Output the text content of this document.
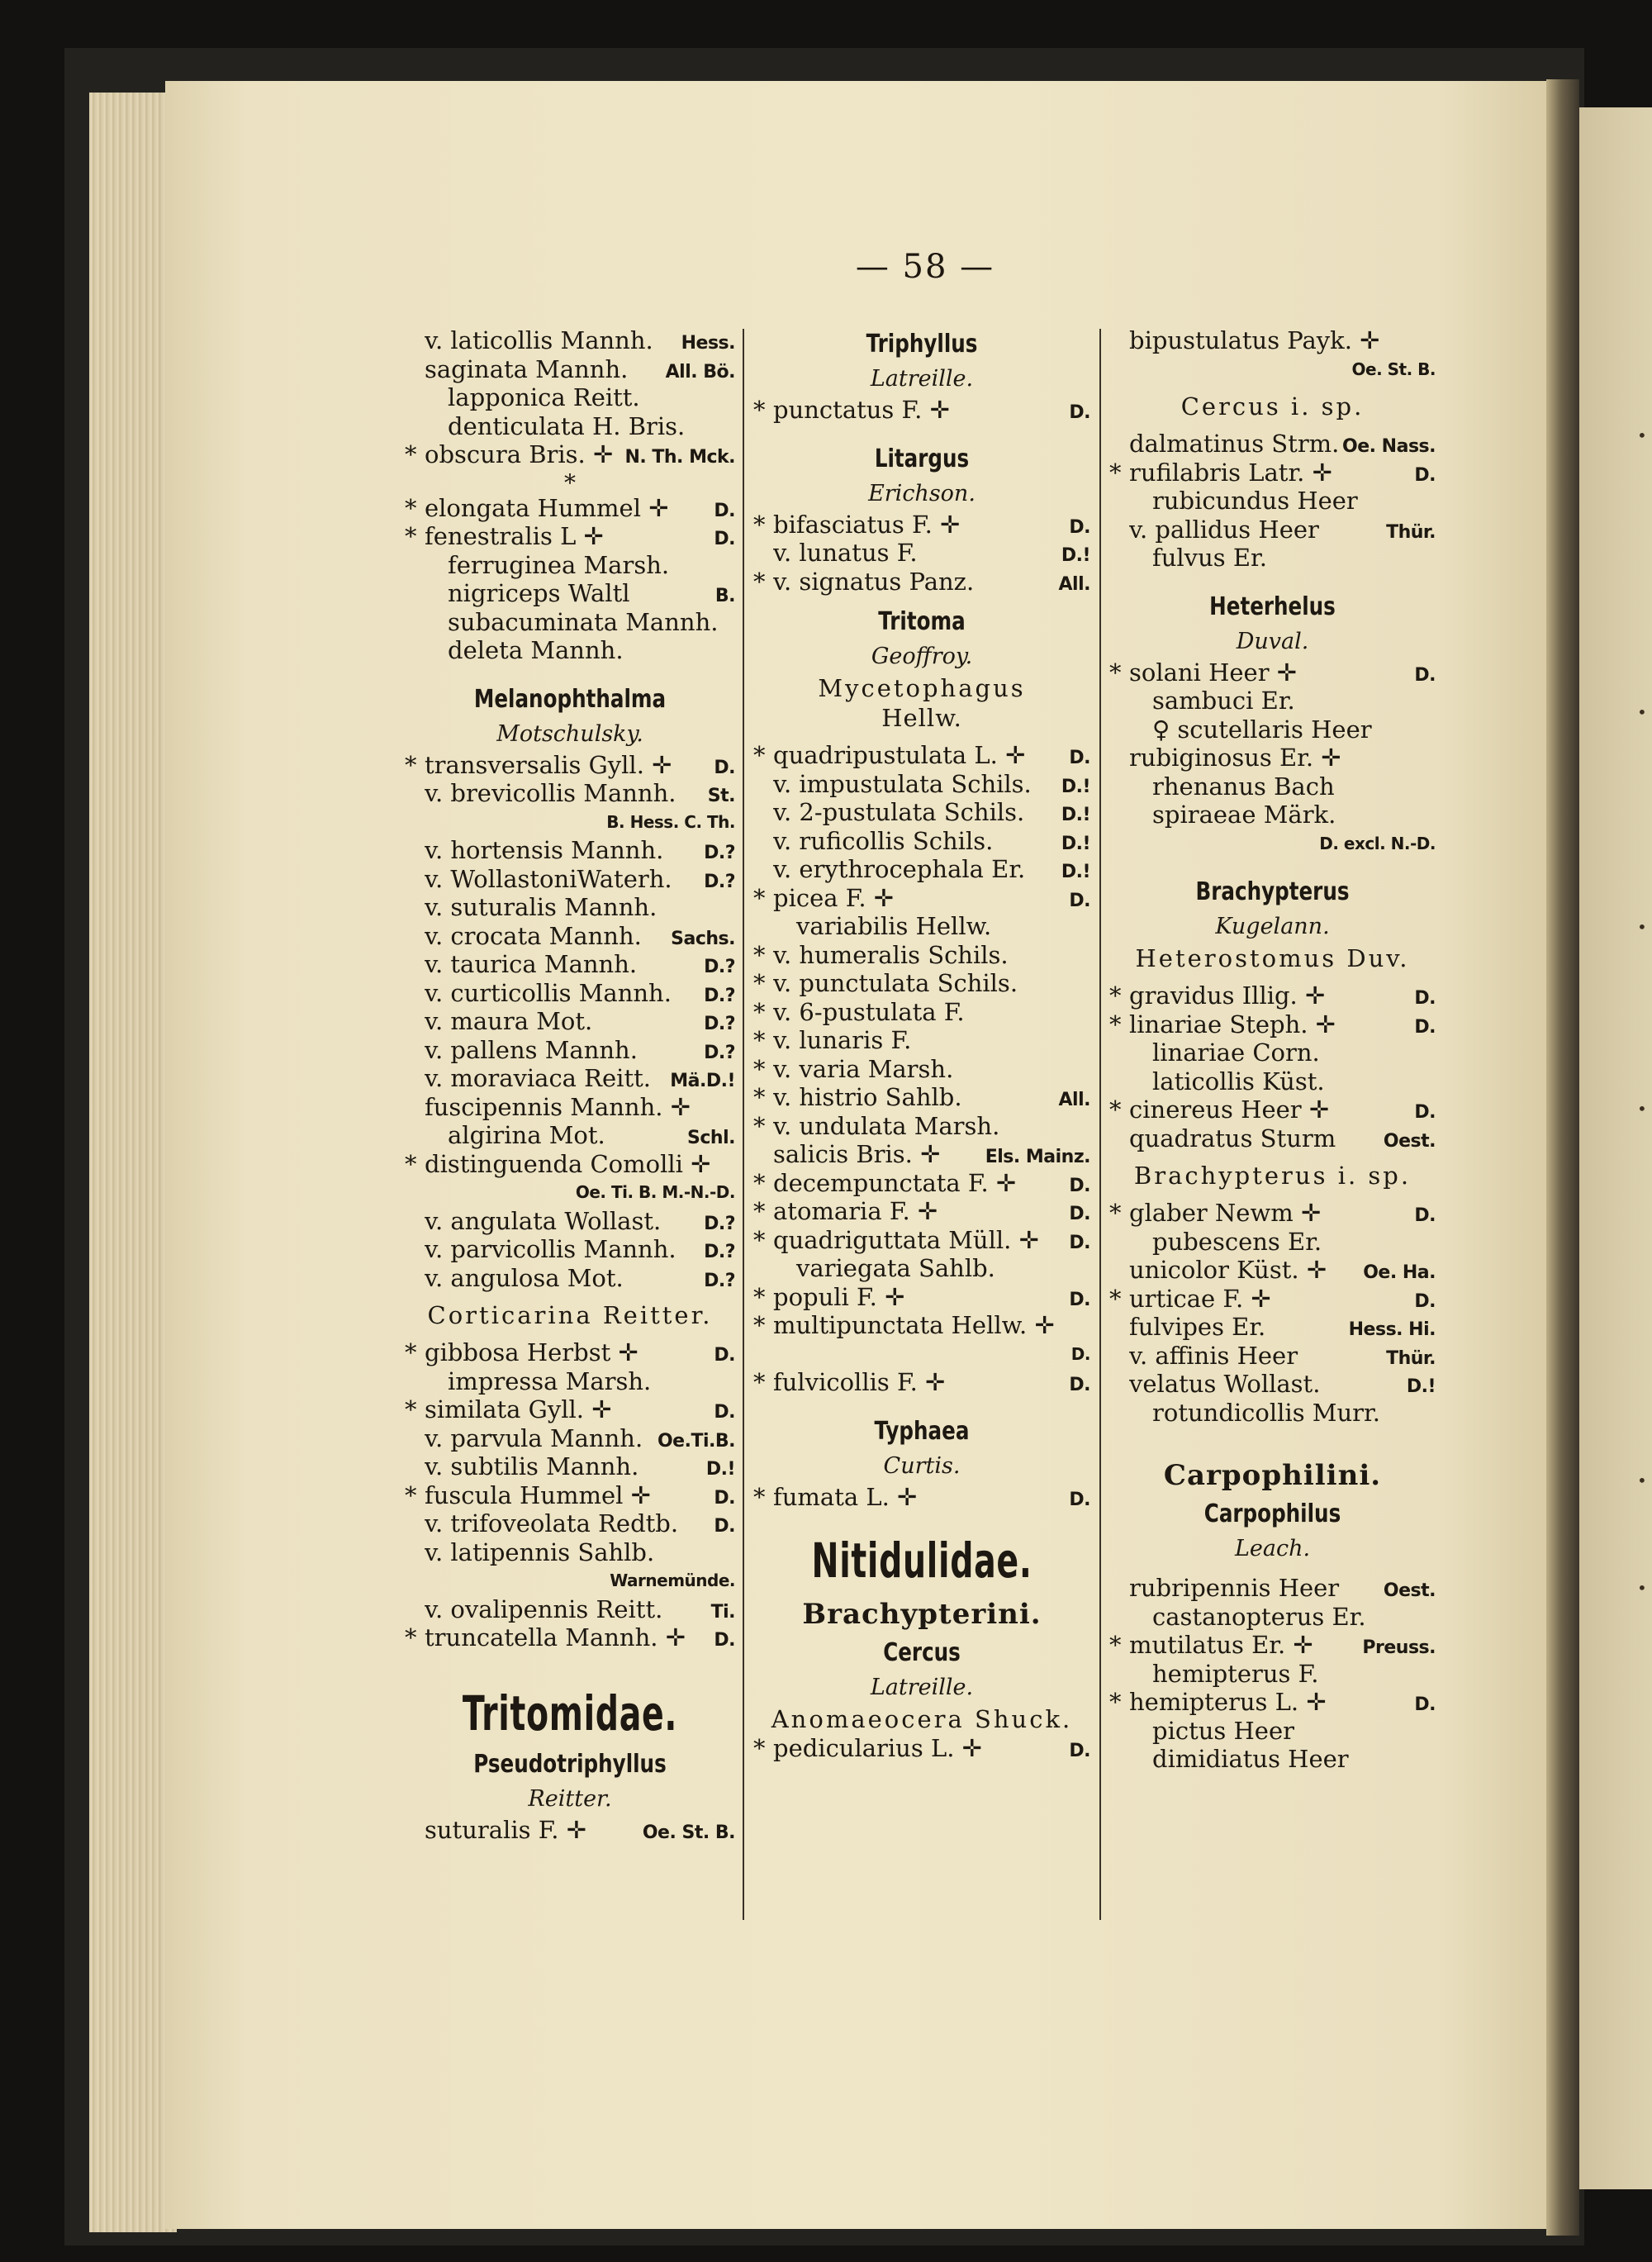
•
•
•
•
•
•
— 58 —
v. laticollis Mannh.	Hess.
saginata Mannh.	All. Bö.
lapponica Reitt.
denticulata H. Bris.
* obscura Bris. ✛ N. Th. Mck.
*
* elongata Hummel ✛	D.
* fenestralis L ✛	D.
ferruginea Marsh.
nigriceps Waltl	B.
subacuminata Mannh.
deleta Mannh.
Melanophthalma
Motschulsky.
* transversalis Gyll. ✛	D.
v. brevicollis Mannh.	St.
B. Hess. C. Th.
v. hortensis Mannh.	D.?
v. WollastoniWaterh.	D.?
v. suturalis Mannh.
v. crocata Mannh.	Sachs.
v. taurica Mannh.	D.?
v. curticollis Mannh.	D.?
v. maura Mot.	D.?
v. pallens Mannh.	D.?
v. moraviaca Reitt.	Mä.D.!
fuscipennis Mannh. ✛
algirina Mot.	Schl.
* distinguenda Comolli ✛
Oe. Ti. B. M.-N.-D.
v. angulata Wollast.	D.?
v. parvicollis Mannh.	D.?
v. angulosa Mot.	D.?
Corticarina Reitter.
* gibbosa Herbst ✛	D.
impressa Marsh.
* similata Gyll. ✛	D.
v. parvula Mannh. Oe.Ti.B.
v. subtilis Mannh.	D.!
* fuscula Hummel ✛	D.
v. trifoveolata Redtb.	D.
v. latipennis Sahlb.
Warnemünde.
v. ovalipennis Reitt.	Ti.
* truncatella Mannh. ✛	D.
Tritomidae.
Pseudotriphyllus
Reitter.
suturalis F. ✛	Oe. St. B.
Triphyllus
Latreille.
* punctatus F. ✛	D.
Litargus
Erichson.
* bifasciatus F. ✛	D.
v. lunatus F.	D.!
* v. signatus Panz.	All.
Tritoma
Geoffroy.
Mycetophagus
Hellw.
* quadripustulata L. ✛	D.
v. impustulata Schils.	D.!
v. 2-pustulata Schils.	D.!
v. ruficollis Schils.	D.!
v. erythrocephala Er.	D.!
* picea F. ✛	D.
variabilis Hellw.
* v. humeralis Schils.
* v. punctulata Schils.
* v. 6-pustulata F.
* v. lunaris F.
* v. varia Marsh.
* v. histrio Sahlb.	All.
* v. undulata Marsh.
salicis Bris. ✛	Els. Mainz.
* decempunctata F. ✛	D.
* atomaria F. ✛	D.
* quadriguttata Müll. ✛	D.
variegata Sahlb.
* populi F. ✛	D.
* multipunctata Hellw. ✛
D.
* fulvicollis F. ✛	D.
Typhaea
Curtis.
* fumata L. ✛	D.
Nitidulidae.
Brachypterini.
Cercus
Latreille.
Anomaeocera Shuck.
* pedicularius L. ✛	D.
bipustulatus Payk. ✛
Oe. St. B.
Cercus i. sp.
dalmatinus Strm. Oe. Nass.
* rufilabris Latr. ✛	D.
rubicundus Heer
v. pallidus Heer	Thür.
fulvus Er.
Heterhelus
Duval.
* solani Heer ✛	D.
sambuci Er.
♀ scutellaris Heer
rubiginosus Er. ✛
rhenanus Bach
spiraeae Märk.
D. excl. N.-D.
Brachypterus
Kugelann.
Heterostomus Duv.
* gravidus Illig. ✛	D.
* linariae Steph. ✛	D.
linariae Corn.
laticollis Küst.
* cinereus Heer ✛	D.
quadratus Sturm	Oest.
Brachypterus i. sp.
* glaber Newm ✛	D.
pubescens Er.
unicolor Küst. ✛	Oe. Ha.
* urticae F. ✛	D.
fulvipes Er.	Hess. Hi.
v. affinis Heer	Thür.
velatus Wollast.	D.!
rotundicollis Murr.
Carpophilini.
Carpophilus
Leach.
rubripennis Heer	Oest.
castanopterus Er.
* mutilatus Er. ✛	Preuss.
hemipterus F.
* hemipterus L. ✛	D.
pictus Heer
dimidiatus Heer
